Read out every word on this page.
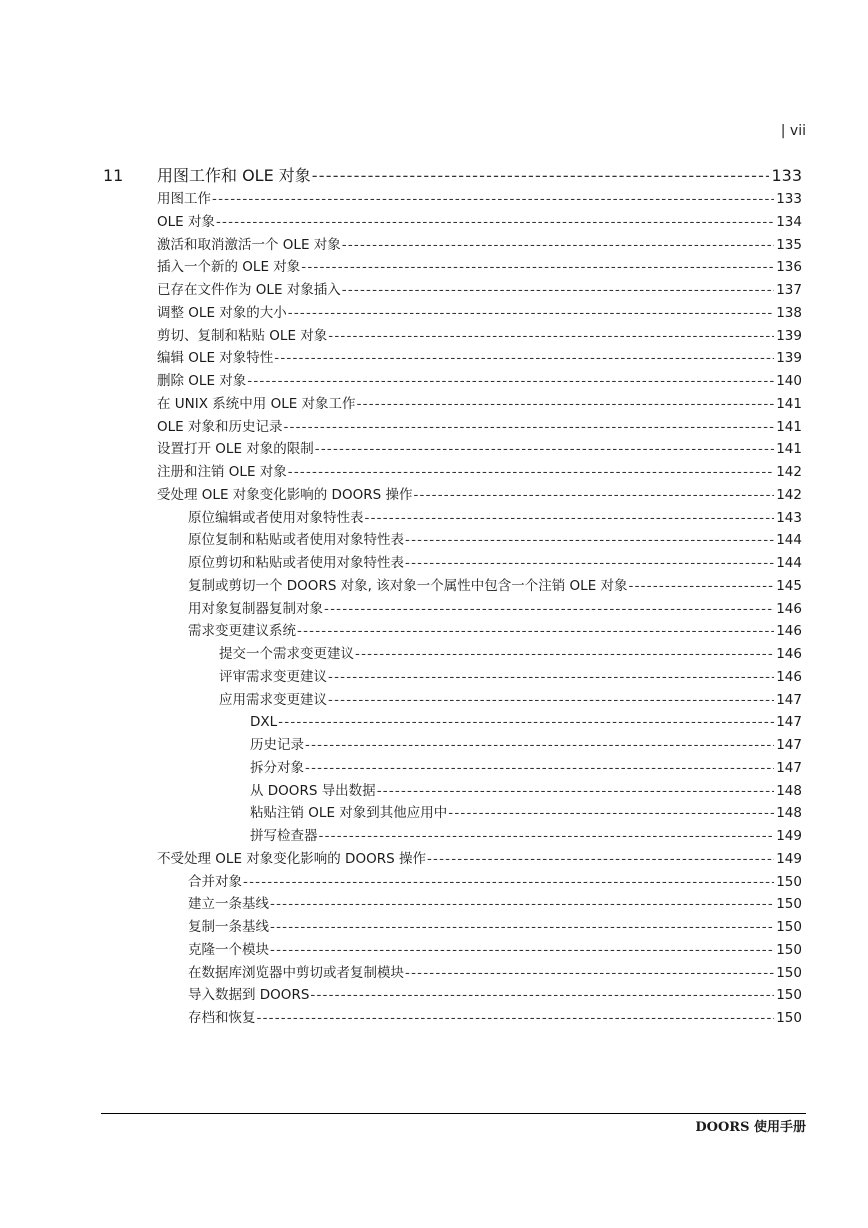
| vii
11 用图工作和 OLE 对象 -----	133
用图工作 -----	133
OLE 对象 -----	134
激活和取消激活一个 OLE 对象 -----	135
插入一个新的 OLE 对象 -----	136
已存在文件作为 OLE 对象插入 -----	137
调整 OLE 对象的大小 -----	138
剪切、复制和粘贴 OLE 对象 -----	139
编辑 OLE 对象特性 -----	139
删除 OLE 对象 -----	140
在 UNIX 系统中用 OLE 对象工作 -----	141
OLE 对象和历史记录 -----	141
设置打开 OLE 对象的限制 -----	141
注册和注销 OLE 对象 -----	142
受处理 OLE 对象变化影响的 DOORS 操作 -----	142
原位编辑或者使用对象特性表 -----	143
原位复制和粘贴或者使用对象特性表 -----	144
原位剪切和粘贴或者使用对象特性表 -----	144
复制或剪切一个 DOORS 对象, 该对象一个属性中包含一个注销 OLE 对象 -----	145
用对象复制器复制对象 -----	146
需求变更建议系统 -----	146
提交一个需求变更建议 -----	146
评审需求变更建议 -----	146
应用需求变更建议 -----	147
DXL -----	147
历史记录 -----	147
拆分对象 -----	147
从 DOORS 导出数据 -----	148
粘贴注销 OLE 对象到其他应用中 -----	148
拼写检查器 -----	149
不受处理 OLE 对象变化影响的 DOORS 操作 -----	149
合并对象 -----	150
建立一条基线 -----	150
复制一条基线 -----	150
克隆一个模块 -----	150
在数据库浏览器中剪切或者复制模块 -----	150
导入数据到 DOORS -----	150
存档和恢复 -----	150
DOORS 使用手册
